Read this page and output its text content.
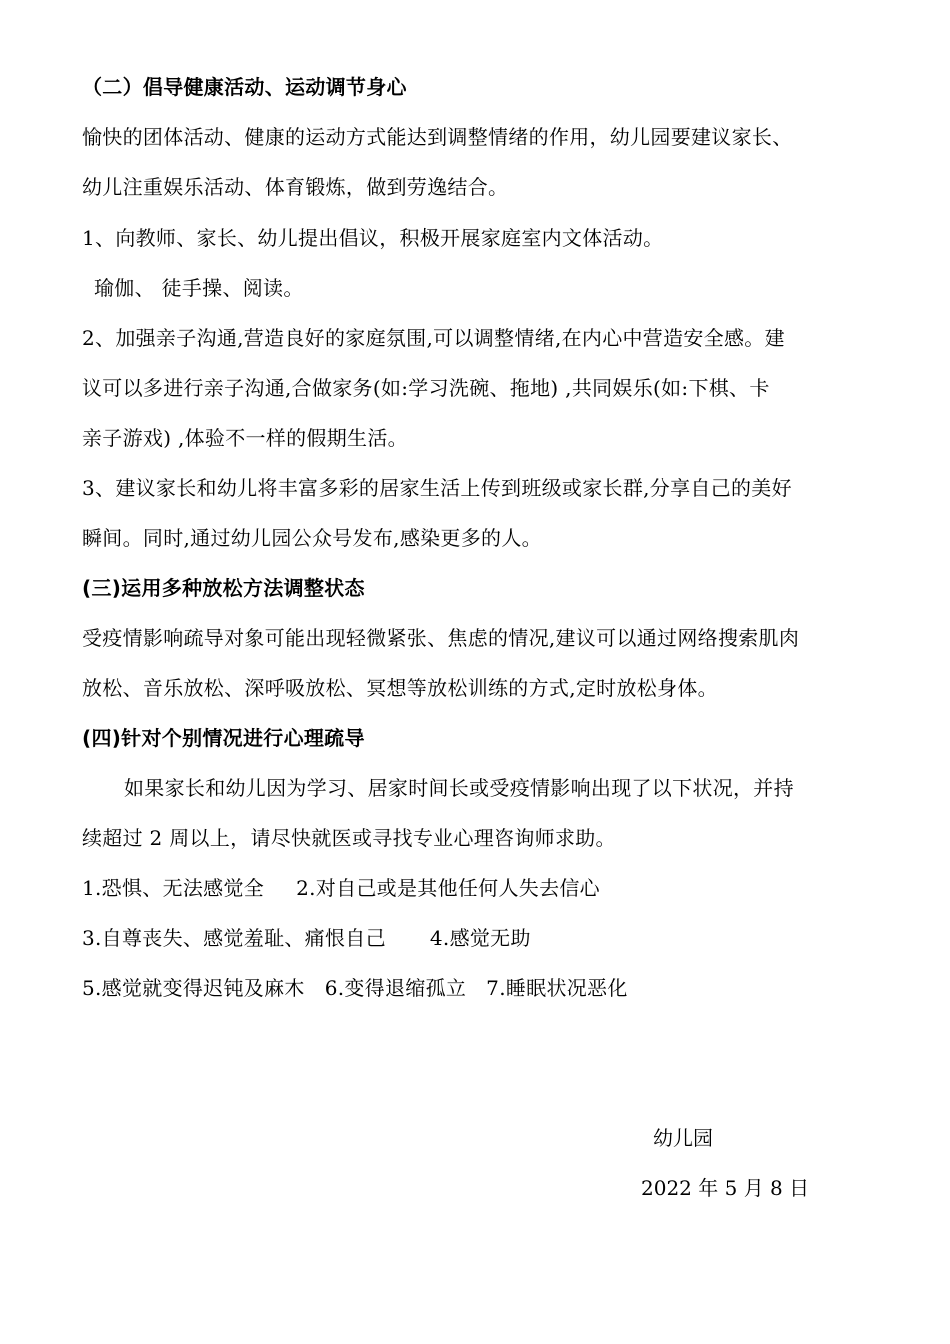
（二）倡导健康活动、运动调节身心
愉快的团体活动、健康的运动方式能达到调整情绪的作用，幼儿园要建议家长、
幼儿注重娱乐活动、体育锻炼，做到劳逸结合。
1、向教师、家长、幼儿提出倡议，积极开展家庭室内文体活动。
瑜伽、 徒手操、阅读。
2、加强亲子沟通,营造良好的家庭氛围,可以调整情绪,在内心中营造安全感。建
议可以多进行亲子沟通,合做家务(如:学习洗碗、拖地) ,共同娱乐(如:下棋、卡
亲子游戏) ,体验不一样的假期生活。
3、建议家长和幼儿将丰富多彩的居家生活上传到班级或家长群,分享自己的美好
瞬间。同时,通过幼儿园公众号发布,感染更多的人。
(三)运用多种放松方法调整状态
受疫情影响疏导对象可能出现轻微紧张、焦虑的情况,建议可以通过网络搜索肌肉
放松、音乐放松、深呼吸放松、冥想等放松训练的方式,定时放松身体。
(四)针对个别情况进行心理疏导
如果家长和幼儿因为学习、居家时间长或受疫情影响出现了以下状况，并持
续超过 2 周以上，请尽快就医或寻找专业心理咨询师求助。
1.恐惧、无法感觉全 2.对自己或是其他任何人失去信心
3.自尊丧失、感觉羞耻、痛恨自己 4.感觉无助
5.感觉就变得迟钝及麻木 6.变得退缩孤立 7.睡眠状况恶化
幼儿园
2022 年 5 月 8 日
